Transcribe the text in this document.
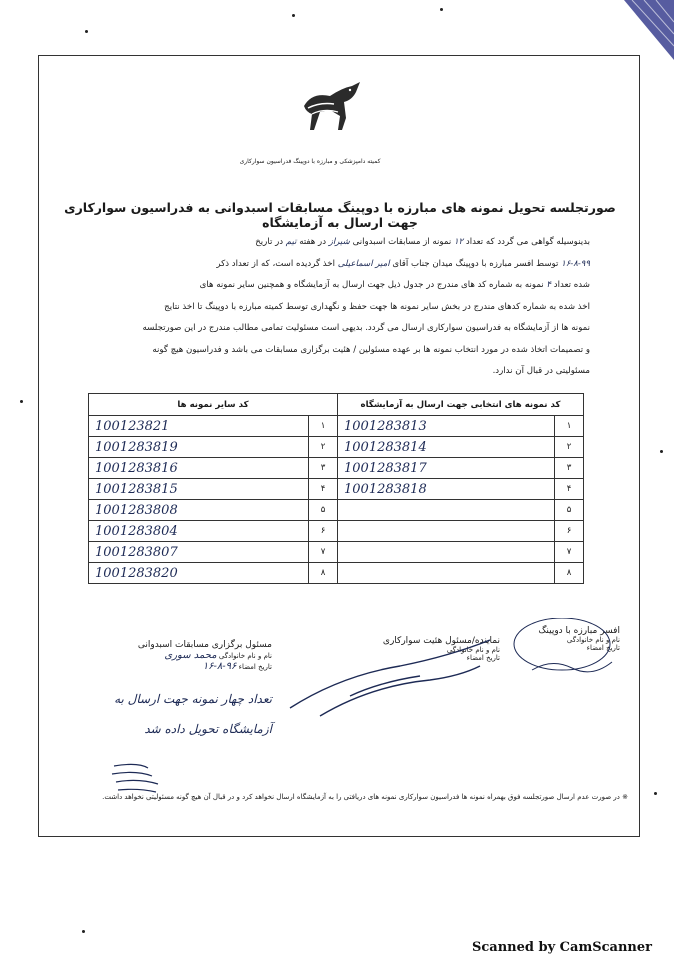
کمیته دامپزشکی و مبارزه با دوپینگ فدراسیون سوارکاری
صورتجلسه تحویل نمونه های مبارزه با دوپینگ مسابقات اسبدوانی به فدراسیون سوارکاری جهت ارسال به آزمایشگاه

بدینوسیله گواهی می گردد که تعداد ۱۲ نمونه از مسابقات اسبدوانی شیراز در هفته تیم در تاریخ

۱۶-۸-۹۹ توسط افسر مبارزه با دوپینگ میدان جناب آقای امیر اسماعیلی اخذ گردیده است، که از تعداد ذکر

شده تعداد ۴ نمونه به شماره کد های مندرج در جدول ذیل جهت ارسال به آزمایشگاه و همچنین سایر نمونه های

اخذ شده به شماره کدهای مندرج در بخش سایر نمونه ها جهت حفظ و نگهداری توسط کمیته مبارزه با دوپینگ تا اخذ نتایج

نمونه ها از آزمایشگاه به فدراسیون سوارکاری ارسال می گردد. بدیهی است مسئولیت تمامی مطالب مندرج در این صورتجلسه

و تصمیمات اتخاذ شده در مورد انتخاب نمونه ها بر عهده مسئولین / هئیت برگزاری مسابقات می باشد و فدراسیون هیچ گونه

مسئولیتی در قبال آن ندارد.

کد نمونه های انتخابی جهت ارسال به آزمایشگاه		کد سایر نمونه ها	
۱	1001283813	۱	100123821

۲	1001283814	۲	1001283819

۳	1001283817	۳	1001283816

۴	1001283818	۴	1001283815

۵		۵	1001283808

۶		۶	1001283804

۷		۷	1001283807

۸		۸	1001283820
افسر مبارزه با دوپینگ
نام و نام خانوادگی
تاریخ امضاء
نماینده/مسئول هئیت سوارکاری
نام و نام خانوادگی
تاریخ امضاء
مسئول برگزاری مسابقات اسبدوانی
نام و نام خانوادگی محمد سوری
تاریخ امضاء ۹۶-۸-۱۶
تعداد چهار نمونه جهت ارسال به
آزمایشگاه تحویل داده شد
※ در صورت عدم ارسال صورتجلسه فوق بهمراه نمونه ها فدراسیون سوارکاری نمونه های دریافتی را به آزمایشگاه ارسال نخواهد کرد و در قبال آن هیچ گونه مسئولیتی نخواهد داشت.
Scanned by CamScanner
